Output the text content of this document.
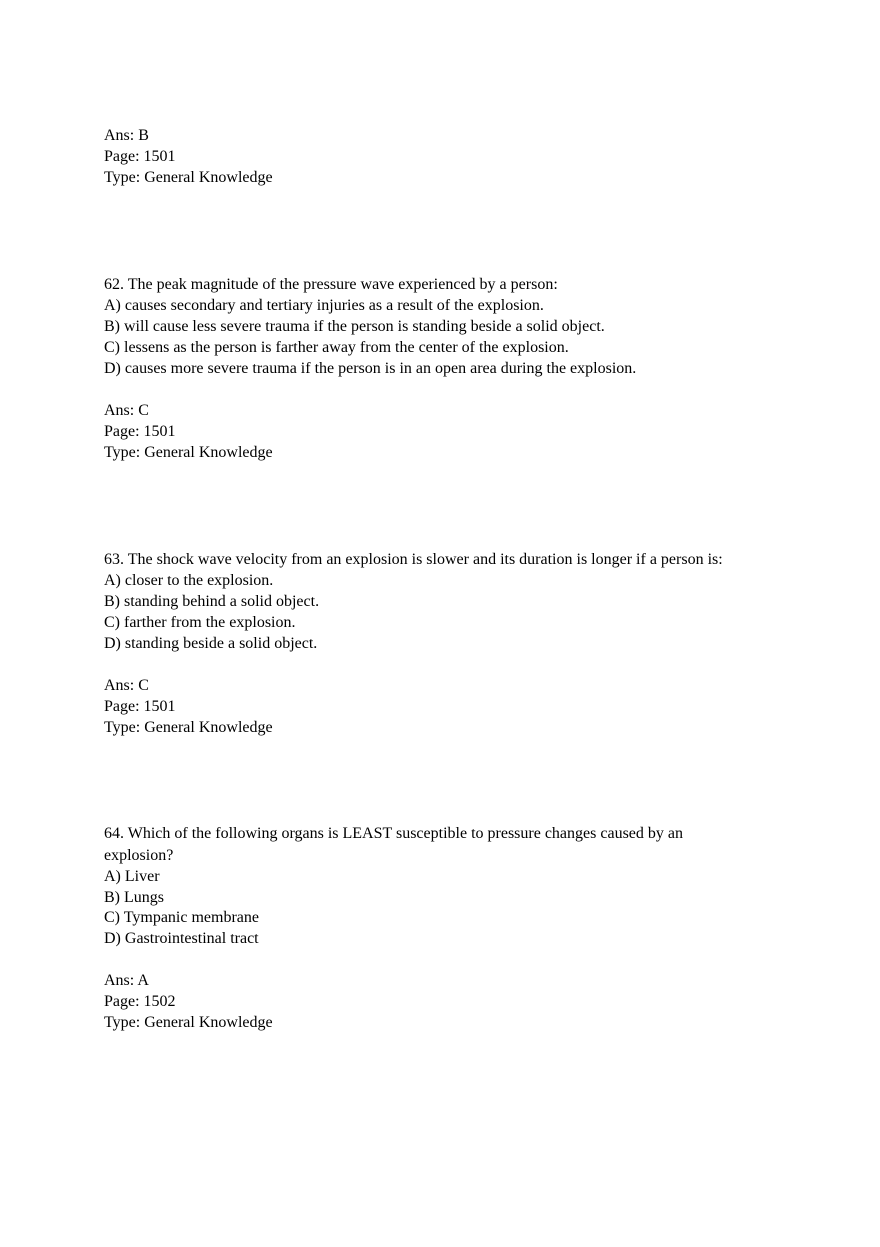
Ans: B
Page: 1501
Type: General Knowledge
62. The peak magnitude of the pressure wave experienced by a person:
A) causes secondary and tertiary injuries as a result of the explosion.
B) will cause less severe trauma if the person is standing beside a solid object.
C) lessens as the person is farther away from the center of the explosion.
D) causes more severe trauma if the person is in an open area during the explosion.
Ans: C
Page: 1501
Type: General Knowledge
63. The shock wave velocity from an explosion is slower and its duration is longer if a person is:
A) closer to the explosion.
B) standing behind a solid object.
C) farther from the explosion.
D) standing beside a solid object.
Ans: C
Page: 1501
Type: General Knowledge
64. Which of the following organs is LEAST susceptible to pressure changes caused by an
explosion?
A) Liver
B) Lungs
C) Tympanic membrane
D) Gastrointestinal tract
Ans: A
Page: 1502
Type: General Knowledge
